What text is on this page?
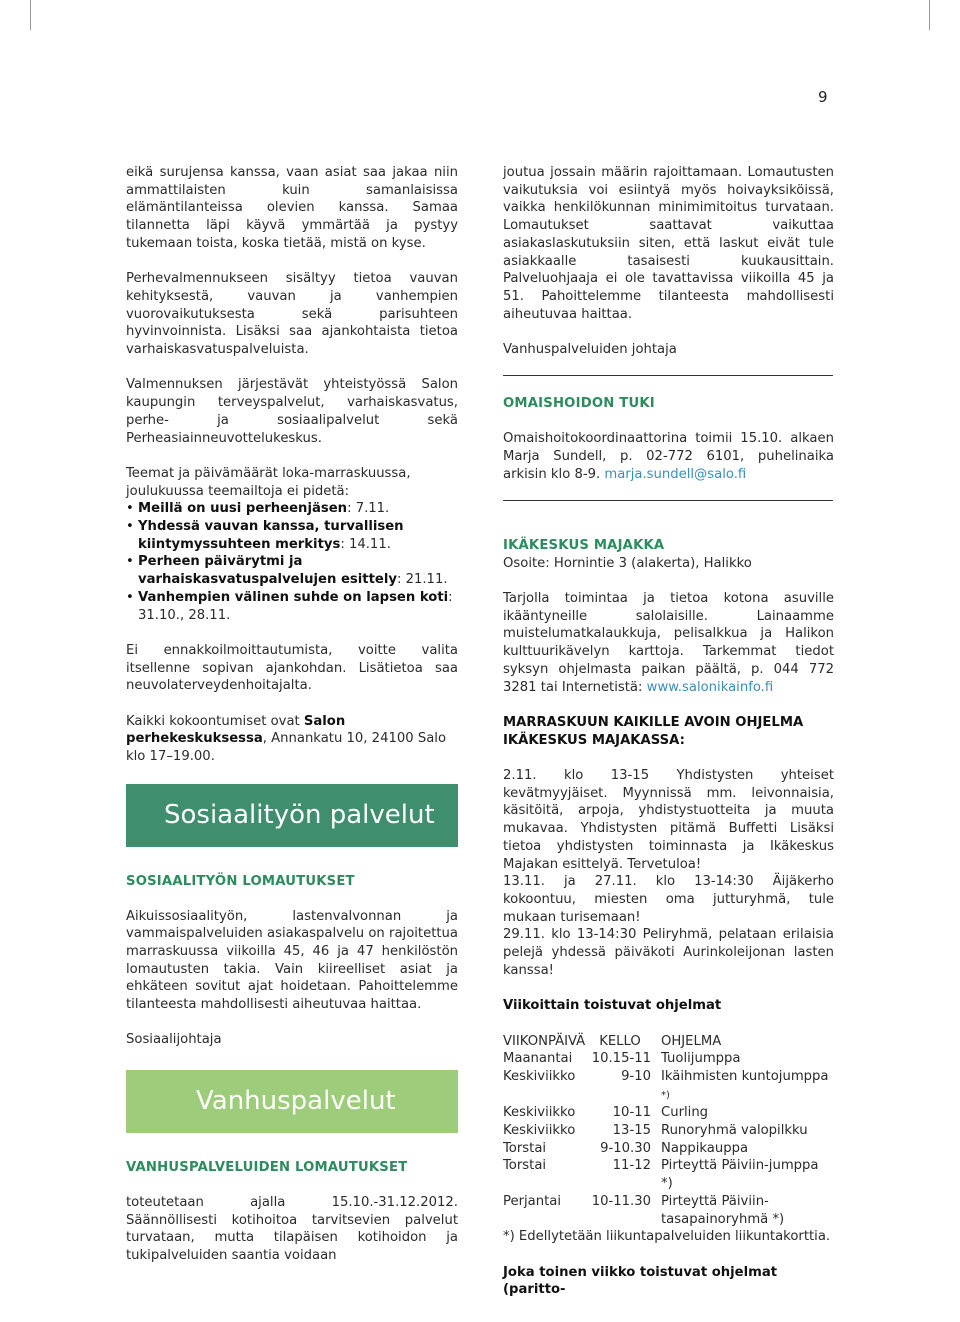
9

eikä surujensa kanssa, vaan asiat saa jakaa niin ammattilaisten kuin samanlaisissa elämäntilanteissa olevien kanssa. Samaa tilannetta läpi käyvä ymmärtää ja pystyy tukemaan toista, koska tietää, mistä on kyse.

Perhevalmennukseen sisältyy tietoa vauvan kehityksestä, vauvan ja vanhempien vuorovaikutuksesta sekä parisuhteen hyvinvoinnista. Lisäksi saa ajankohtaista tietoa varhaiskasvatuspalveluista.

Valmennuksen järjestävät yhteistyössä Salon kaupungin terveyspalvelut, varhaiskasvatus, perhe- ja sosiaalipalvelut sekä Perheasiainneuvottelukeskus.

Teemat ja päivämäärät loka-marraskuussa, joulukuussa teemailtoja ei pidetä:
• Meillä on uusi perheenjäsen: 7.11.
• Yhdessä vauvan kanssa, turvallisen kiintymyssuhteen merkitys: 14.11.
• Perheen päivärytmi ja varhaiskasvatuspalvelujen esittely: 21.11.
• Vanhempien välinen suhde on lapsen koti: 31.10., 28.11.

Ei ennakkoilmoittautumista, voitte valita itsellenne sopivan ajankohdan. Lisätietoa saa neuvolaterveydenhoitajalta.

Kaikki kokoontumiset ovat Salon perhekeskuksessa, Annankatu 10, 24100 Salo klo 17–19.00.

Sosiaalityön palvelut
SOSIAALITYÖN LOMAUTUKSET

Aikuissosiaalityön, lastenvalvonnan ja vammaispalveluiden asiakaspalvelu on rajoitettua marraskuussa viikoilla 45, 46 ja 47 henkilöstön lomautusten takia. Vain kiireelliset asiat ja ehkäteen sovitut ajat hoidetaan. Pahoittelemme tilanteesta mahdollisesti aiheutuvaa haittaa.

Sosiaalijohtaja

Vanhuspalvelut
VANHUSPALVELUIDEN LOMAUTUKSET

toteutetaan ajalla 15.10.-31.12.2012. Säännöllisesti kotihoitoa tarvitsevien palvelut turvataan, mutta tilapäisen kotihoidon ja tukipalveluiden saantia voidaan

joutua jossain määrin rajoittamaan. Lomautusten vaikutuksia voi esiintyä myös hoivayksiköissä, vaikka henkilökunnan minimimitoitus turvataan. Lomautukset saattavat vaikuttaa asiakaslaskutuksiin siten, että laskut eivät tule asiakkaalle tasaisesti kuukausittain. Palveluohjaaja ei ole tavattavissa viikoilla 45 ja 51. Pahoittelemme tilanteesta mahdollisesti aiheutuvaa haittaa.

Vanhuspalveluiden johtaja

OMAISHOIDON TUKI

Omaishoitokoordinaattorina toimii 15.10. alkaen Marja Sundell, p. 02-772 6101, puhelinaika arkisin klo 8-9. marja.sundell@salo.fi

IKÄKESKUS MAJAKKA

Osoite: Hornintie 3 (alakerta), Halikko

Tarjolla toimintaa ja tietoa kotona asuville ikääntyneille salolaisille. Lainaamme muistelumatkalaukkuja, pelisalkkua ja Halikon kulttuurikävelyn karttoja. Tarkemmat tiedot syksyn ohjelmasta paikan päältä, p. 044 772 3281 tai Internetistä: www.salonikainfo.fi

MARRASKUUN KAIKILLE AVOIN OHJELMA IKÄKESKUS MAJAKASSA:
2.11. klo 13-15 Yhdistysten yhteiset kevätmyyjäiset. Myynnissä mm. leivonnaisia, käsitöitä, arpoja, yhdistystuotteita ja muuta mukavaa. Yhdistysten pitämä Buffetti Lisäksi tietoa yhdistysten toiminnasta ja Ikäkeskus Majakan esittelyä. Tervetuloa!
13.11. ja 27.11. klo 13-14:30 Äijäkerho kokoontuu, miesten oma jutturyhmä, tule mukaan turisemaan!

29.11. klo 13-14:30 Peliryhmä, pelataan erilaisia pelejä yhdessä päiväkoti Aurinkoleijonan lasten kanssa!

Viikoittain toistuvat ohjelmat
VIIKONPÄIVÄ	KELLO	OHJELMA
Maanantai	10.15-11	Tuolijumppa
Keskiviikko	9-10	Ikäihmisten kuntojumppa *)
Keskiviikko	10-11	Curling
Keskiviikko	13-15	Runoryhmä valopilkku
Torstai	9-10.30	Nappikauppa
Torstai	11-12	Pirteyttä Päiviin-jumppa *)
Perjantai	10-11.30	Pirteyttä Päiviin-tasapainoryhmä *)

*) Edellytetään liikuntapalveluiden liikuntakorttia.

Joka toinen viikko toistuvat ohjelmat (paritto-
